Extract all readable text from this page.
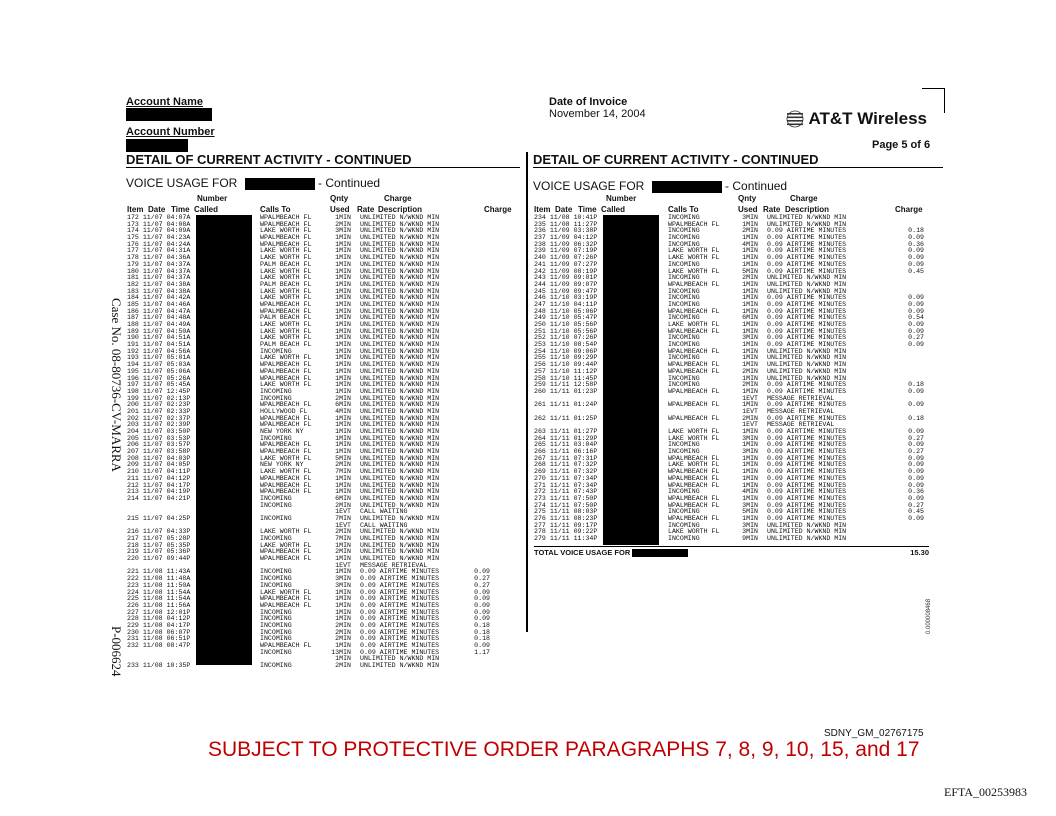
Account Name
Account Number
Date of Invoice
November 14, 2004	AT&T Wireless
Page 5 of 6
DETAIL OF CURRENT ACTIVITY - CONTINUED	DETAIL OF CURRENT ACTIVITY - CONTINUED
VOICE USAGE FOR	- Continued	VOICE USAGE FOR	- Continued
Number	Qnty	Charge
Item Date Time Called	Calls To	Used Rate Description	Charge
Number	Qnty	Charge
Item Date Time Called	Calls To	Used Rate Description	Charge
172 11/07 04:07A	WPALMBEACH FL	1MIN UNLIMITED N/WKND MIN
173 11/07 04:08A	WPALMBEACH FL	2MIN UNLIMITED N/WKND MIN
174 11/07 04:09A	LAKE WORTH FL	3MIN UNLIMITED N/WKND MIN
175 11/07 04:23A	WPALMBEACH FL	1MIN UNLIMITED N/WKND MIN
176 11/07 04:24A	WPALMBEACH FL	1MIN UNLIMITED N/WKND MIN
177 11/07 04:31A	LAKE WORTH FL	1MIN UNLIMITED N/WKND MIN
178 11/07 04:36A	LAKE WORTH FL	1MIN UNLIMITED N/WKND MIN
179 11/07 04:37A	PALM BEACH FL	1MIN UNLIMITED N/WKND MIN
180 11/07 04:37A	LAKE WORTH FL	1MIN UNLIMITED N/WKND MIN
181 11/07 04:37A	LAKE WORTH FL	1MIN UNLIMITED N/WKND MIN
182 11/07 04:38A	PALM BEACH FL	1MIN UNLIMITED N/WKND MIN
183 11/07 04:38A	LAKE WORTH FL	1MIN UNLIMITED N/WKND MIN
184 11/07 04:42A	LAKE WORTH FL	1MIN UNLIMITED N/WKND MIN
185 11/07 04:46A	WPALMBEACH FL	1MIN UNLIMITED N/WKND MIN
186 11/07 04:47A	WPALMBEACH FL	1MIN UNLIMITED N/WKND MIN
187 11/07 04:48A	PALM BEACH FL	1MIN UNLIMITED N/WKND MIN
188 11/07 04:49A	LAKE WORTH FL	1MIN UNLIMITED N/WKND MIN
189 11/07 04:50A	LAKE WORTH FL	1MIN UNLIMITED N/WKND MIN
190 11/07 04:51A	LAKE WORTH FL	1MIN UNLIMITED N/WKND MIN
191 11/07 04:51A	PALM BEACH FL	1MIN UNLIMITED N/WKND MIN
192 11/07 04:56A	INCOMING	1MIN UNLIMITED N/WKND MIN
193 11/07 05:01A	LAKE WORTH FL	1MIN UNLIMITED N/WKND MIN
194 11/07 05:03A	WPALMBEACH FL	1MIN UNLIMITED N/WKND MIN
195 11/07 05:06A	WPALMBEACH FL	1MIN UNLIMITED N/WKND MIN
196 11/07 05:26A	WPALMBEACH FL	1MIN UNLIMITED N/WKND MIN
197 11/07 05:45A	LAKE WORTH FL	1MIN UNLIMITED N/WKND MIN
198 11/07 12:45P	INCOMING	1MIN UNLIMITED N/WKND MIN
199 11/07 02:13P	INCOMING	2MIN UNLIMITED N/WKND MIN
200 11/07 02:23P	WPALMBEACH FL	6MIN UNLIMITED N/WKND MIN
201 11/07 02:33P	HOLLYWOOD FL	4MIN UNLIMITED N/WKND MIN
202 11/07 02:37P	WPALMBEACH FL	1MIN UNLIMITED N/WKND MIN
203 11/07 02:39P	WPALMBEACH FL	1MIN UNLIMITED N/WKND MIN
204 11/07 03:50P	NEW YORK NY	1MIN UNLIMITED N/WKND MIN
205 11/07 03:53P	INCOMING	1MIN UNLIMITED N/WKND MIN
206 11/07 03:57P	WPALMBEACH FL	1MIN UNLIMITED N/WKND MIN
207 11/07 03:58P	WPALMBEACH FL	1MIN UNLIMITED N/WKND MIN
208 11/07 04:03P	LAKE WORTH FL	5MIN UNLIMITED N/WKND MIN
209 11/07 04:05P	NEW YORK NY	2MIN UNLIMITED N/WKND MIN
210 11/07 04:11P	LAKE WORTH FL	7MIN UNLIMITED N/WKND MIN
211 11/07 04:12P	WPALMBEACH FL	1MIN UNLIMITED N/WKND MIN
212 11/07 04:17P	WPALMBEACH FL	1MIN UNLIMITED N/WKND MIN
213 11/07 04:19P	WPALMBEACH FL	1MIN UNLIMITED N/WKND MIN
214 11/07 04:21P	INCOMING	6MIN UNLIMITED N/WKND MIN
INCOMING	2MIN UNLIMITED N/WKND MIN
1EVT CALL WAITING
215 11/07 04:25P	INCOMING	7MIN UNLIMITED N/WKND MIN
1EVT CALL WAITING
216 11/07 04:33P	LAKE WORTH FL	2MIN UNLIMITED N/WKND MIN
217 11/07 05:28P	INCOMING	7MIN UNLIMITED N/WKND MIN
218 11/07 05:35P	LAKE WORTH FL	1MIN UNLIMITED N/WKND MIN
219 11/07 05:36P	WPALMBEACH FL	2MIN UNLIMITED N/WKND MIN
220 11/07 09:44P	WPALMBEACH FL	1MIN UNLIMITED N/WKND MIN
1EVT MESSAGE RETRIEVAL
221 11/08 11:43A	INCOMING	1MIN 0.09 AIRTIME MINUTES	0.09
222 11/08 11:48A	INCOMING	3MIN 0.09 AIRTIME MINUTES	0.27
223 11/08 11:50A	INCOMING	3MIN 0.09 AIRTIME MINUTES	0.27
224 11/08 11:54A	LAKE WORTH FL	1MIN 0.09 AIRTIME MINUTES	0.09
225 11/08 11:54A	WPALMBEACH FL	1MIN 0.09 AIRTIME MINUTES	0.09
226 11/08 11:56A	WPALMBEACH FL	1MIN 0.09 AIRTIME MINUTES	0.09
227 11/08 12:01P	INCOMING	1MIN 0.09 AIRTIME MINUTES	0.09
228 11/08 04:12P	INCOMING	1MIN 0.09 AIRTIME MINUTES	0.09
229 11/08 04:17P	INCOMING	2MIN 0.09 AIRTIME MINUTES	0.18
230 11/08 06:07P	INCOMING	2MIN 0.09 AIRTIME MINUTES	0.18
231 11/08 06:51P	INCOMING	2MIN 0.09 AIRTIME MINUTES	0.18
232 11/08 08:47P	WPALMBEACH FL	1MIN 0.09 AIRTIME MINUTES	0.09
INCOMING	13MIN 0.09 AIRTIME MINUTES	1.17
1MIN UNLIMITED N/WKND MIN
233 11/08 10:35P	INCOMING	2MIN UNLIMITED N/WKND MIN
234 11/08 10:41P	INCOMING	3MIN UNLIMITED N/WKND MIN
235 11/08 11:27P	WPALMBEACH FL	1MIN UNLIMITED N/WKND MIN
236 11/09 03:38P	INCOMING	2MIN 0.09 AIRTIME MINUTES	0.18
237 11/09 04:12P	INCOMING	1MIN 0.09 AIRTIME MINUTES	0.09
238 11/09 06:32P	INCOMING	4MIN 0.09 AIRTIME MINUTES	0.36
239 11/09 07:19P	LAKE WORTH FL	1MIN 0.09 AIRTIME MINUTES	0.09
240 11/09 07:26P	LAKE WORTH FL	1MIN 0.09 AIRTIME MINUTES	0.09
241 11/09 07:27P	INCOMING	1MIN 0.09 AIRTIME MINUTES	0.09
242 11/09 08:19P	LAKE WORTH FL	5MIN 0.09 AIRTIME MINUTES	0.45
243 11/09 09:01P	INCOMING	2MIN UNLIMITED N/WKND MIN
244 11/09 09:07P	WPALMBEACH FL	1MIN UNLIMITED N/WKND MIN
245 11/09 09:47P	INCOMING	1MIN UNLIMITED N/WKND MIN
246 11/10 03:19P	INCOMING	1MIN 0.09 AIRTIME MINUTES	0.09
247 11/10 04:11P	INCOMING	1MIN 0.09 AIRTIME MINUTES	0.09
248 11/10 05:06P	WPALMBEACH FL	1MIN 0.09 AIRTIME MINUTES	0.09
249 11/10 05:47P	INCOMING	6MIN 0.09 AIRTIME MINUTES	0.54
250 11/10 05:56P	LAKE WORTH FL	1MIN 0.09 AIRTIME MINUTES	0.09
251 11/10 05:56P	WPALMBEACH FL	1MIN 0.09 AIRTIME MINUTES	0.09
252 11/10 07:26P	INCOMING	3MIN 0.09 AIRTIME MINUTES	0.27
253 11/10 08:54P	INCOMING	1MIN 0.09 AIRTIME MINUTES	0.09
254 11/10 09:06P	WPALMBEACH FL	1MIN UNLIMITED N/WKND MIN
255 11/10 09:29P	INCOMING	1MIN UNLIMITED N/WKND MIN
256 11/10 09:44P	WPALMBEACH FL	1MIN UNLIMITED N/WKND MIN
257 11/10 11:12P	WPALMBEACH FL	2MIN UNLIMITED N/WKND MIN
258 11/10 11:45P	INCOMING	1MIN UNLIMITED N/WKND MIN
259 11/11 12:58P	INCOMING	2MIN 0.09 AIRTIME MINUTES	0.18
260 11/11 01:23P	WPALMBEACH FL	1MIN 0.09 AIRTIME MINUTES	0.09
1EVT MESSAGE RETRIEVAL
261 11/11 01:24P	WPALMBEACH FL	1MIN 0.09 AIRTIME MINUTES	0.09
1EVT MESSAGE RETRIEVAL
262 11/11 01:25P	WPALMBEACH FL	2MIN 0.09 AIRTIME MINUTES	0.18
1EVT MESSAGE RETRIEVAL
263 11/11 01:27P	LAKE WORTH FL	1MIN 0.09 AIRTIME MINUTES	0.09
264 11/11 01:29P	LAKE WORTH FL	3MIN 0.09 AIRTIME MINUTES	0.27
265 11/11 03:04P	INCOMING	1MIN 0.09 AIRTIME MINUTES	0.09
266 11/11 06:16P	INCOMING	3MIN 0.09 AIRTIME MINUTES	0.27
267 11/11 07:31P	WPALMBEACH FL	1MIN 0.09 AIRTIME MINUTES	0.09
268 11/11 07:32P	LAKE WORTH FL	1MIN 0.09 AIRTIME MINUTES	0.09
269 11/11 07:32P	WPALMBEACH FL	1MIN 0.09 AIRTIME MINUTES	0.09
270 11/11 07:34P	WPALMBEACH FL	1MIN 0.09 AIRTIME MINUTES	0.09
271 11/11 07:34P	WPALMBEACH FL	1MIN 0.09 AIRTIME MINUTES	0.09
272 11/11 07:43P	INCOMING	4MIN 0.09 AIRTIME MINUTES	0.36
273 11/11 07:50P	WPALMBEACH FL	1MIN 0.09 AIRTIME MINUTES	0.09
274 11/11 07:50P	WPALMBEACH FL	3MIN 0.09 AIRTIME MINUTES	0.27
275 11/11 08:03P	INCOMING	5MIN 0.09 AIRTIME MINUTES	0.45
276 11/11 08:23P	WPALMBEACH FL	1MIN 0.09 AIRTIME MINUTES	0.09
277 11/11 09:17P	INCOMING	3MIN UNLIMITED N/WKND MIN
278 11/11 09:22P	LAKE WORTH FL	3MIN UNLIMITED N/WKND MIN
279 11/11 11:34P	INCOMING	9MIN UNLIMITED N/WKND MIN
TOTAL VOICE USAGE FOR	15.30
Case No. 08-80736-CV-MARRA
P-006624
0.000008468
SDNY_GM_02767175
SUBJECT TO PROTECTIVE ORDER PARAGRAPHS 7, 8, 9, 10, 15, and 17
EFTA_00253983
